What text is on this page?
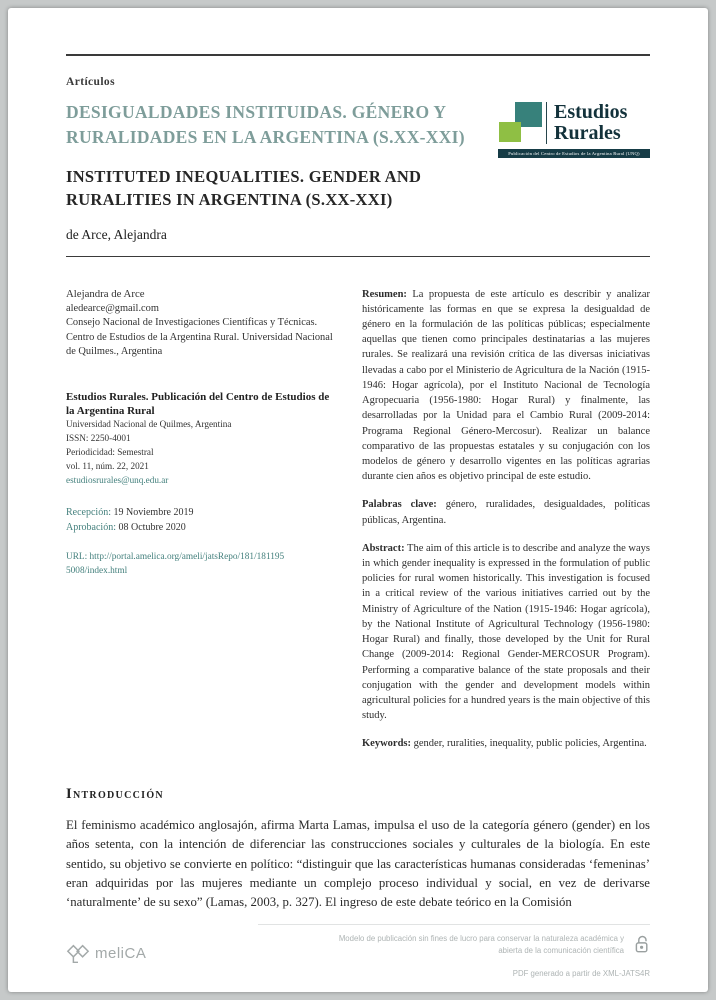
Artículos
DESIGUALDADES INSTITUIDAS. GÉNERO Y RURALIDADES EN LA ARGENTINA (S.XX-XXI)
INSTITUTED INEQUALITIES. GENDER AND RURALITIES IN ARGENTINA (S.XX-XXI)
de Arce, Alejandra
Estudios
Rurales
Publicación del Centro de Estudios de la Argentina Rural (UNQ)
Alejandra de Arce
aledearce@gmail.com
Consejo Nacional de Investigaciones Científicas y Técnicas. Centro de Estudios de la Argentina Rural. Universidad Nacional de Quilmes., Argentina
Estudios Rurales. Publicación del Centro de Estudios de la Argentina Rural
Universidad Nacional de Quilmes, Argentina
ISSN: 2250-4001
Periodicidad: Semestral
vol. 11, núm. 22, 2021
estudiosrurales@unq.edu.ar
Recepción: 19 Noviembre 2019
Aprobación: 08 Octubre 2020
URL: http://portal.amelica.org/ameli/jatsRepo/181/1811955008/index.html

Resumen: La propuesta de este artículo es describir y analizar históricamente las formas en que se expresa la desigualdad de género en la formulación de las políticas públicas; especialmente aquellas que tienen como principales destinatarias a las mujeres rurales. Se realizará una revisión crítica de las diversas iniciativas llevadas a cabo por el Ministerio de Agricultura de la Nación (1915-1946: Hogar agrícola), por el Instituto Nacional de Tecnología Agropecuaria (1956-1980: Hogar Rural) y finalmente, las desarrolladas por la Unidad para el Cambio Rural (2009-2014: Programa Regional Género-Mercosur). Realizar un balance comparativo de las propuestas estatales y su conjugación con los modelos de género y desarrollo vigentes en las políticas agrarias durante cien años es objetivo principal de este estudio.

Palabras clave: género, ruralidades, desigualdades, políticas públicas, Argentina.

Abstract: The aim of this article is to describe and analyze the ways in which gender inequality is expressed in the formulation of public policies for rural women historically. This investigation is focused in a critical review of the various initiatives carried out by the Ministry of Agriculture of the Nation (1915-1946: Hogar agrícola), by the National Institute of Agricultural Technology (1956-1980: Hogar Rural) and finally, those developed by the Unit for Rural Change (2009-2014: Regional Gender-MERCOSUR Program). Performing a comparative balance of the state proposals and their conjugation with the gender and development models within agricultural policies for a hundred years is the main objective of this study.

Keywords: gender, ruralities, inequality, public policies, Argentina.

Introducción

El feminismo académico anglosajón, afirma Marta Lamas, impulsa el uso de la categoría género (gender) en los años setenta, con la intención de diferenciar las construcciones sociales y culturales de la biología. En este sentido, su objetivo se convierte en político: “distinguir que las características humanas consideradas ‘femeninas’ eran adquiridas por las mujeres mediante un complejo proceso individual y social, en vez de derivarse ‘naturalmente’ de su sexo” (Lamas, 2003, p. 327). El ingreso de este debate teórico en la Comisión

meliCA
Modelo de publicación sin fines de lucro para conservar la naturaleza académica y abierta de la comunicación científica
PDF generado a partir de XML-JATS4R
